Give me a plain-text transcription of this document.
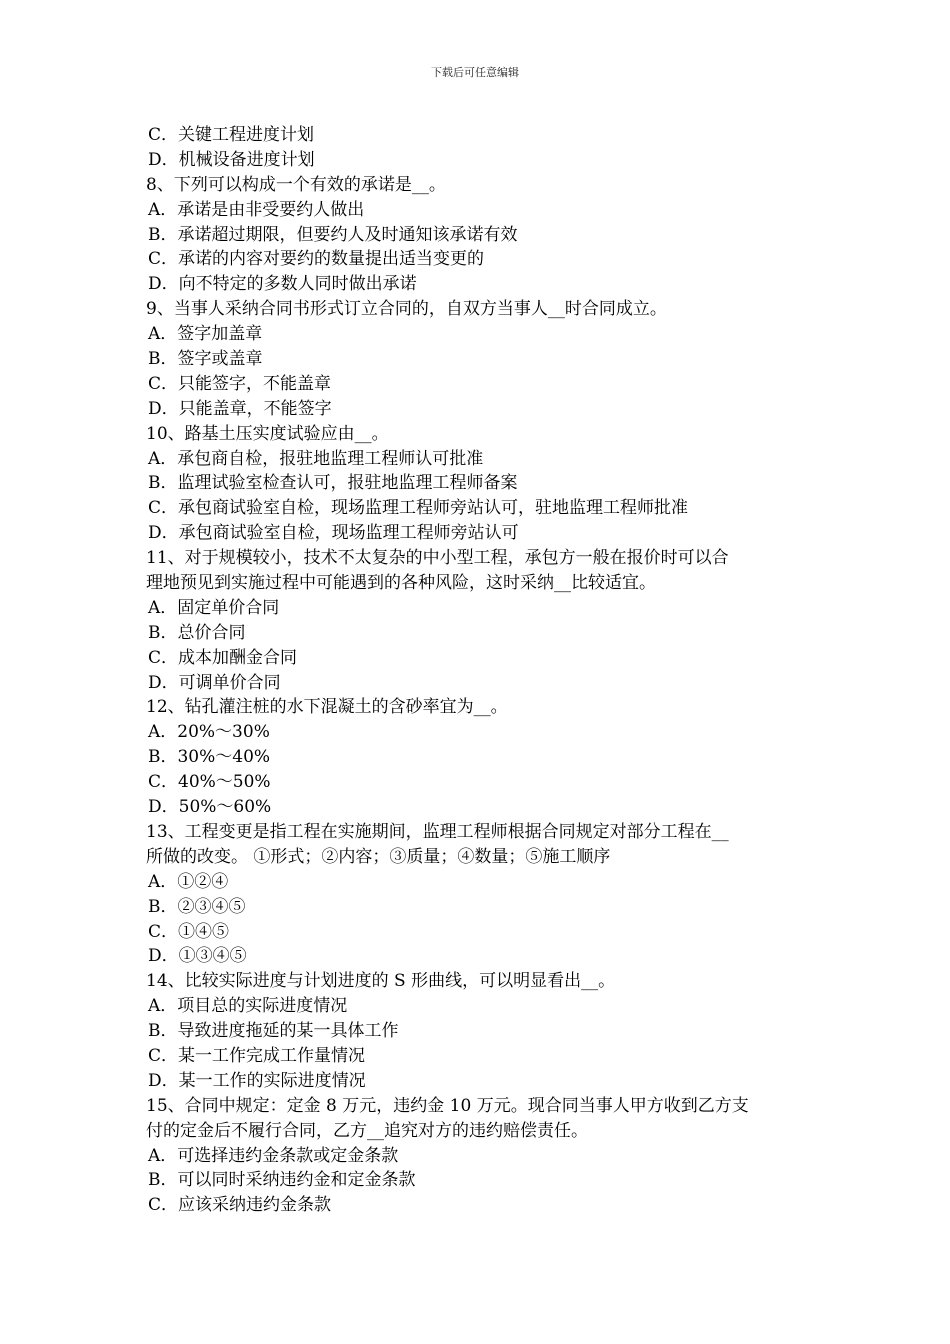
下载后可任意编辑
C．关键工程进度计划
D．机械设备进度计划
8、下列可以构成一个有效的承诺是__。
A．承诺是由非受要约人做出
B．承诺超过期限，但要约人及时通知该承诺有效
C．承诺的内容对要约的数量提出适当变更的
D．向不特定的多数人同时做出承诺
9、当事人采纳合同书形式订立合同的，自双方当事人__时合同成立。
A．签字加盖章
B．签字或盖章
C．只能签字，不能盖章
D．只能盖章，不能签字
10、路基土压实度试验应由__。
A．承包商自检，报驻地监理工程师认可批准
B．监理试验室检查认可，报驻地监理工程师备案
C．承包商试验室自检，现场监理工程师旁站认可，驻地监理工程师批准
D．承包商试验室自检，现场监理工程师旁站认可
11、对于规模较小，技术不太复杂的中小型工程，承包方一般在报价时可以合
理地预见到实施过程中可能遇到的各种风险，这时采纳__比较适宜。
A．固定单价合同
B．总价合同
C．成本加酬金合同
D．可调单价合同
12、钻孔灌注桩的水下混凝土的含砂率宜为__。
A．20%～30%
B．30%～40%
C．40%～50%
D．50%～60%
13、工程变更是指工程在实施期间，监理工程师根据合同规定对部分工程在__
所做的改变。 ①形式；②内容；③质量；④数量；⑤施工顺序
A．①②④
B．②③④⑤
C．①④⑤
D．①③④⑤
14、比较实际进度与计划进度的 S 形曲线，可以明显看出__。
A．项目总的实际进度情况
B．导致进度拖延的某一具体工作
C．某一工作完成工作量情况
D．某一工作的实际进度情况
15、合同中规定：定金 8 万元，违约金 10 万元。现合同当事人甲方收到乙方支
付的定金后不履行合同，乙方__追究对方的违约赔偿责任。
A．可选择违约金条款或定金条款
B．可以同时采纳违约金和定金条款
C．应该采纳违约金条款
